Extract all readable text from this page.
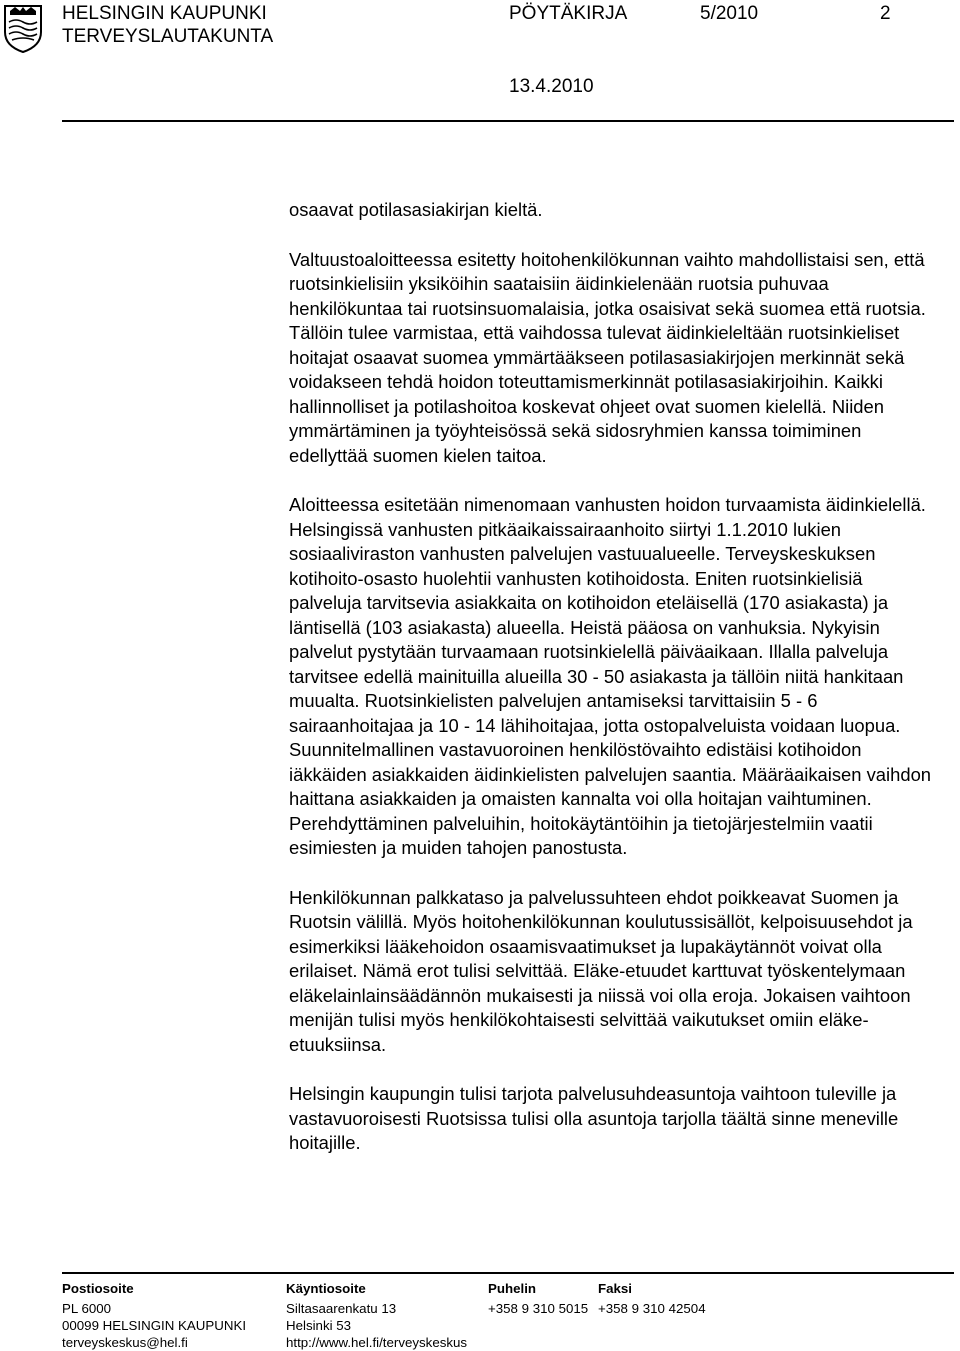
HELSINGIN KAUPUNKI
TERVEYSLAUTAKUNTA
PÖYTÄKIRJA	5/2010	2
13.4.2010

osaavat potilasasiakirjan kieltä.

Valtuustoaloitteessa esitetty hoitohenkilökunnan vaihto mahdollistaisi sen, että ruotsinkielisiin yksiköihin saataisiin äidinkielenään ruotsia puhuvaa henkilökuntaa tai ruotsinsuomalaisia, jotka osaisivat sekä suomea että ruotsia. Tällöin tulee varmistaa, että vaihdossa tulevat äidinkieleltään ruotsinkieliset hoitajat osaavat suomea ymmärtääkseen potilasasiakirjojen merkinnät sekä voidakseen tehdä hoidon toteuttamismerkinnät potilasasiakirjoihin. Kaikki hallinnolliset ja potilashoitoa koskevat ohjeet ovat suomen kielellä. Niiden ymmärtäminen ja työyhteisössä sekä sidosryhmien kanssa toimiminen edellyttää suomen kielen taitoa.

Aloitteessa esitetään nimenomaan vanhusten hoidon turvaamista äidinkielellä. Helsingissä vanhusten pitkäaikaissairaanhoito siirtyi 1.1.2010 lukien sosiaaliviraston vanhusten palvelujen vastuualueelle. Terveyskeskuksen kotihoito-osasto huolehtii vanhusten kotihoidosta. Eniten ruotsinkielisiä palveluja tarvitsevia asiakkaita on kotihoidon eteläisellä (170 asiakasta) ja läntisellä (103 asiakasta) alueella. Heistä pääosa on vanhuksia. Nykyisin palvelut pystytään turvaamaan ruotsinkielellä päiväaikaan. Illalla palveluja tarvitsee edellä mainituilla alueilla 30 - 50 asiakasta ja tällöin niitä hankitaan muualta. Ruotsinkielisten palvelujen antamiseksi tarvittaisiin 5 - 6 sairaanhoitajaa ja 10 - 14 lähihoitajaa, jotta ostopalveluista voidaan luopua. Suunnitelmallinen vastavuoroinen henkilöstövaihto edistäisi kotihoidon iäkkäiden asiakkaiden äidinkielisten palvelujen saantia. Määräaikaisen vaihdon haittana asiakkaiden ja omaisten kannalta voi olla hoitajan vaihtuminen. Perehdyttäminen palveluihin, hoitokäytäntöihin ja tietojärjestelmiin vaatii esimiesten ja muiden tahojen panostusta.

Henkilökunnan palkkataso ja palvelussuhteen ehdot poikkeavat Suomen ja Ruotsin välillä. Myös hoitohenkilökunnan koulutussisällöt, kelpoisuusehdot ja esimerkiksi lääkehoidon osaamisvaatimukset ja lupakäytännöt voivat olla erilaiset. Nämä erot tulisi selvittää. Eläke-etuudet karttuvat työskentelymaan eläkelainlainsäädännön mukaisesti ja niissä voi olla eroja. Jokaisen vaihtoon menijän tulisi myös henkilökohtaisesti selvittää vaikutukset omiin eläke-etuuksiinsa.

Helsingin kaupungin tulisi tarjota palvelusuhdeasuntoja vaihtoon tuleville ja vastavuoroisesti Ruotsissa tulisi olla asuntoja tarjolla täältä sinne meneville hoitajille.

Postiosoite
PL 6000
00099 HELSINGIN KAUPUNKI
terveyskeskus@hel.fi
Käyntiosoite
Siltasaarenkatu 13
Helsinki 53
http://www.hel.fi/terveyskeskus
Puhelin
+358 9 310 5015
Faksi
+358 9 310 42504
